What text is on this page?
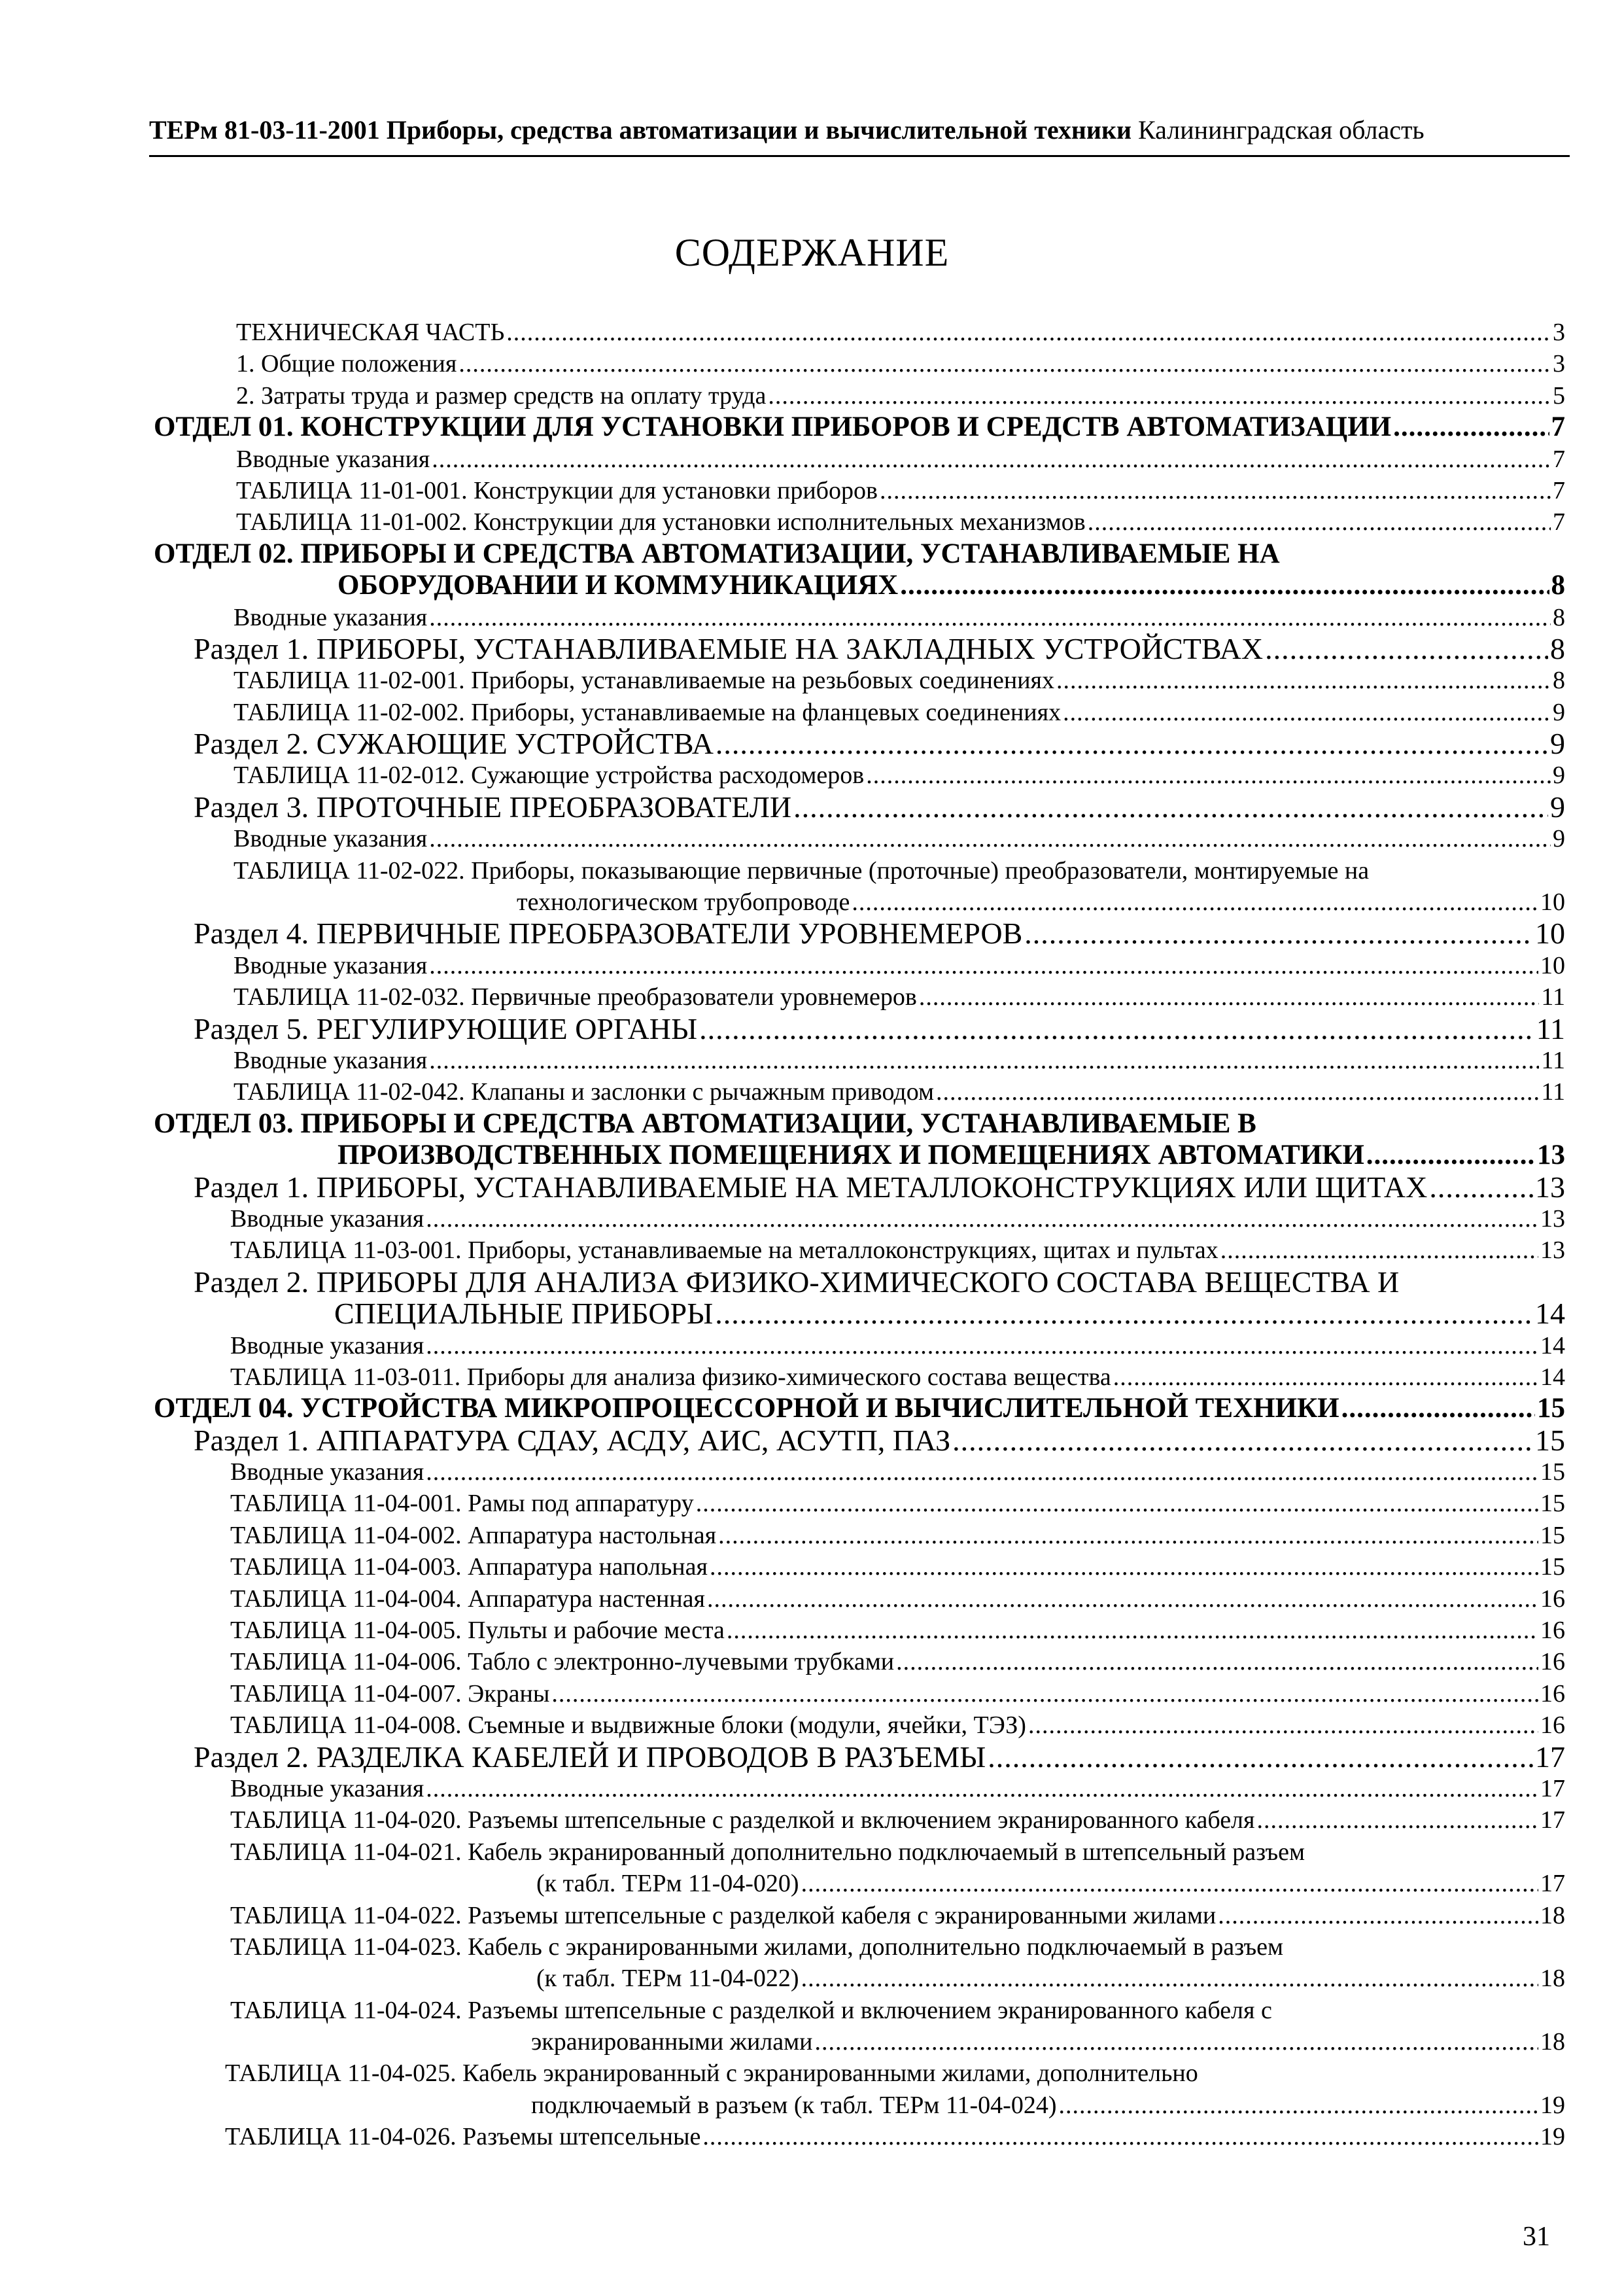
ТЕРм 81-03-11-2001 Приборы, средства автоматизации и вычислительной техники Калининградская область
СОДЕРЖАНИЕ
ТЕХНИЧЕСКАЯ ЧАСТЬ .....	3
1. Общие положения .....	3
2. Затраты труда и размер средств на оплату труда .....	5
ОТДЕЛ 01. КОНСТРУКЦИИ ДЛЯ УСТАНОВКИ ПРИБОРОВ И СРЕДСТВ АВТОМАТИЗАЦИИ .....	7
Вводные указания .....	7
ТАБЛИЦА 11-01-001. Конструкции для установки приборов .....	7
ТАБЛИЦА 11-01-002. Конструкции для установки исполнительных механизмов .....	7
ОТДЕЛ 02. ПРИБОРЫ И СРЕДСТВА АВТОМАТИЗАЦИИ, УСТАНАВЛИВАЕМЫЕ НА
ОБОРУДОВАНИИ И КОММУНИКАЦИЯХ .....	8
Вводные указания .....	8
Раздел 1. ПРИБОРЫ, УСТАНАВЛИВАЕМЫЕ НА ЗАКЛАДНЫХ УСТРОЙСТВАХ .....	8
ТАБЛИЦА 11-02-001. Приборы, устанавливаемые на резьбовых соединениях .....	8
ТАБЛИЦА 11-02-002. Приборы, устанавливаемые на фланцевых соединениях .....	9
Раздел 2. СУЖАЮЩИЕ УСТРОЙСТВА .....	9
ТАБЛИЦА 11-02-012. Сужающие устройства расходомеров .....	9
Раздел 3. ПРОТОЧНЫЕ ПРЕОБРАЗОВАТЕЛИ .....	9
Вводные указания .....	9
ТАБЛИЦА 11-02-022. Приборы, показывающие первичные (проточные) преобразователи, монтируемые на
технологическом трубопроводе .....	10
Раздел 4. ПЕРВИЧНЫЕ ПРЕОБРАЗОВАТЕЛИ УРОВНЕМЕРОВ .....	10
Вводные указания .....	10
ТАБЛИЦА 11-02-032. Первичные преобразователи уровнемеров .....	11
Раздел 5. РЕГУЛИРУЮЩИЕ ОРГАНЫ .....	11
Вводные указания .....	11
ТАБЛИЦА 11-02-042. Клапаны и заслонки с рычажным приводом .....	11
ОТДЕЛ 03. ПРИБОРЫ И СРЕДСТВА АВТОМАТИЗАЦИИ, УСТАНАВЛИВАЕМЫЕ В
ПРОИЗВОДСТВЕННЫХ ПОМЕЩЕНИЯХ И ПОМЕЩЕНИЯХ АВТОМАТИКИ .....	13
Раздел 1. ПРИБОРЫ, УСТАНАВЛИВАЕМЫЕ НА МЕТАЛЛОКОНСТРУКЦИЯХ ИЛИ ЩИТАХ .....	13
Вводные указания .....	13
ТАБЛИЦА 11-03-001. Приборы, устанавливаемые на металлоконструкциях, щитах и пультах .....	13
Раздел 2. ПРИБОРЫ ДЛЯ АНАЛИЗА ФИЗИКО-ХИМИЧЕСКОГО СОСТАВА ВЕЩЕСТВА И
СПЕЦИАЛЬНЫЕ ПРИБОРЫ .....	14
Вводные указания .....	14
ТАБЛИЦА 11-03-011. Приборы для анализа физико-химического состава вещества .....	14
ОТДЕЛ 04. УСТРОЙСТВА МИКРОПРОЦЕССОРНОЙ И ВЫЧИСЛИТЕЛЬНОЙ ТЕХНИКИ .....	15
Раздел 1. АППАРАТУРА СДАУ, АСДУ, АИС, АСУТП, ПАЗ .....	15
Вводные указания .....	15
ТАБЛИЦА 11-04-001. Рамы под аппаратуру .....	15
ТАБЛИЦА 11-04-002. Аппаратура настольная .....	15
ТАБЛИЦА 11-04-003. Аппаратура напольная .....	15
ТАБЛИЦА 11-04-004. Аппаратура настенная .....	16
ТАБЛИЦА 11-04-005. Пульты и рабочие места .....	16
ТАБЛИЦА 11-04-006. Табло с электронно-лучевыми трубками .....	16
ТАБЛИЦА 11-04-007. Экраны .....	16
ТАБЛИЦА 11-04-008. Съемные и выдвижные блоки (модули, ячейки, ТЭЗ) .....	16
Раздел 2. РАЗДЕЛКА КАБЕЛЕЙ И ПРОВОДОВ В РАЗЪЕМЫ .....	17
Вводные указания .....	17
ТАБЛИЦА 11-04-020. Разъемы штепсельные с разделкой и включением экранированного кабеля .....	17
ТАБЛИЦА 11-04-021. Кабель экранированный дополнительно подключаемый в штепсельный разъем
(к табл. ТЕРм 11-04-020) .....	17
ТАБЛИЦА 11-04-022. Разъемы штепсельные с разделкой кабеля с экранированными жилами .....	18
ТАБЛИЦА 11-04-023. Кабель с экранированными жилами, дополнительно подключаемый в разъем
(к табл. ТЕРм 11-04-022) .....	18
ТАБЛИЦА 11-04-024. Разъемы штепсельные с разделкой и включением экранированного кабеля с
экранированными жилами .....	18
ТАБЛИЦА 11-04-025. Кабель экранированный с экранированными жилами, дополнительно
подключаемый в разъем (к табл. ТЕРм 11-04-024) .....	19
ТАБЛИЦА 11-04-026. Разъемы штепсельные .....	19
31
